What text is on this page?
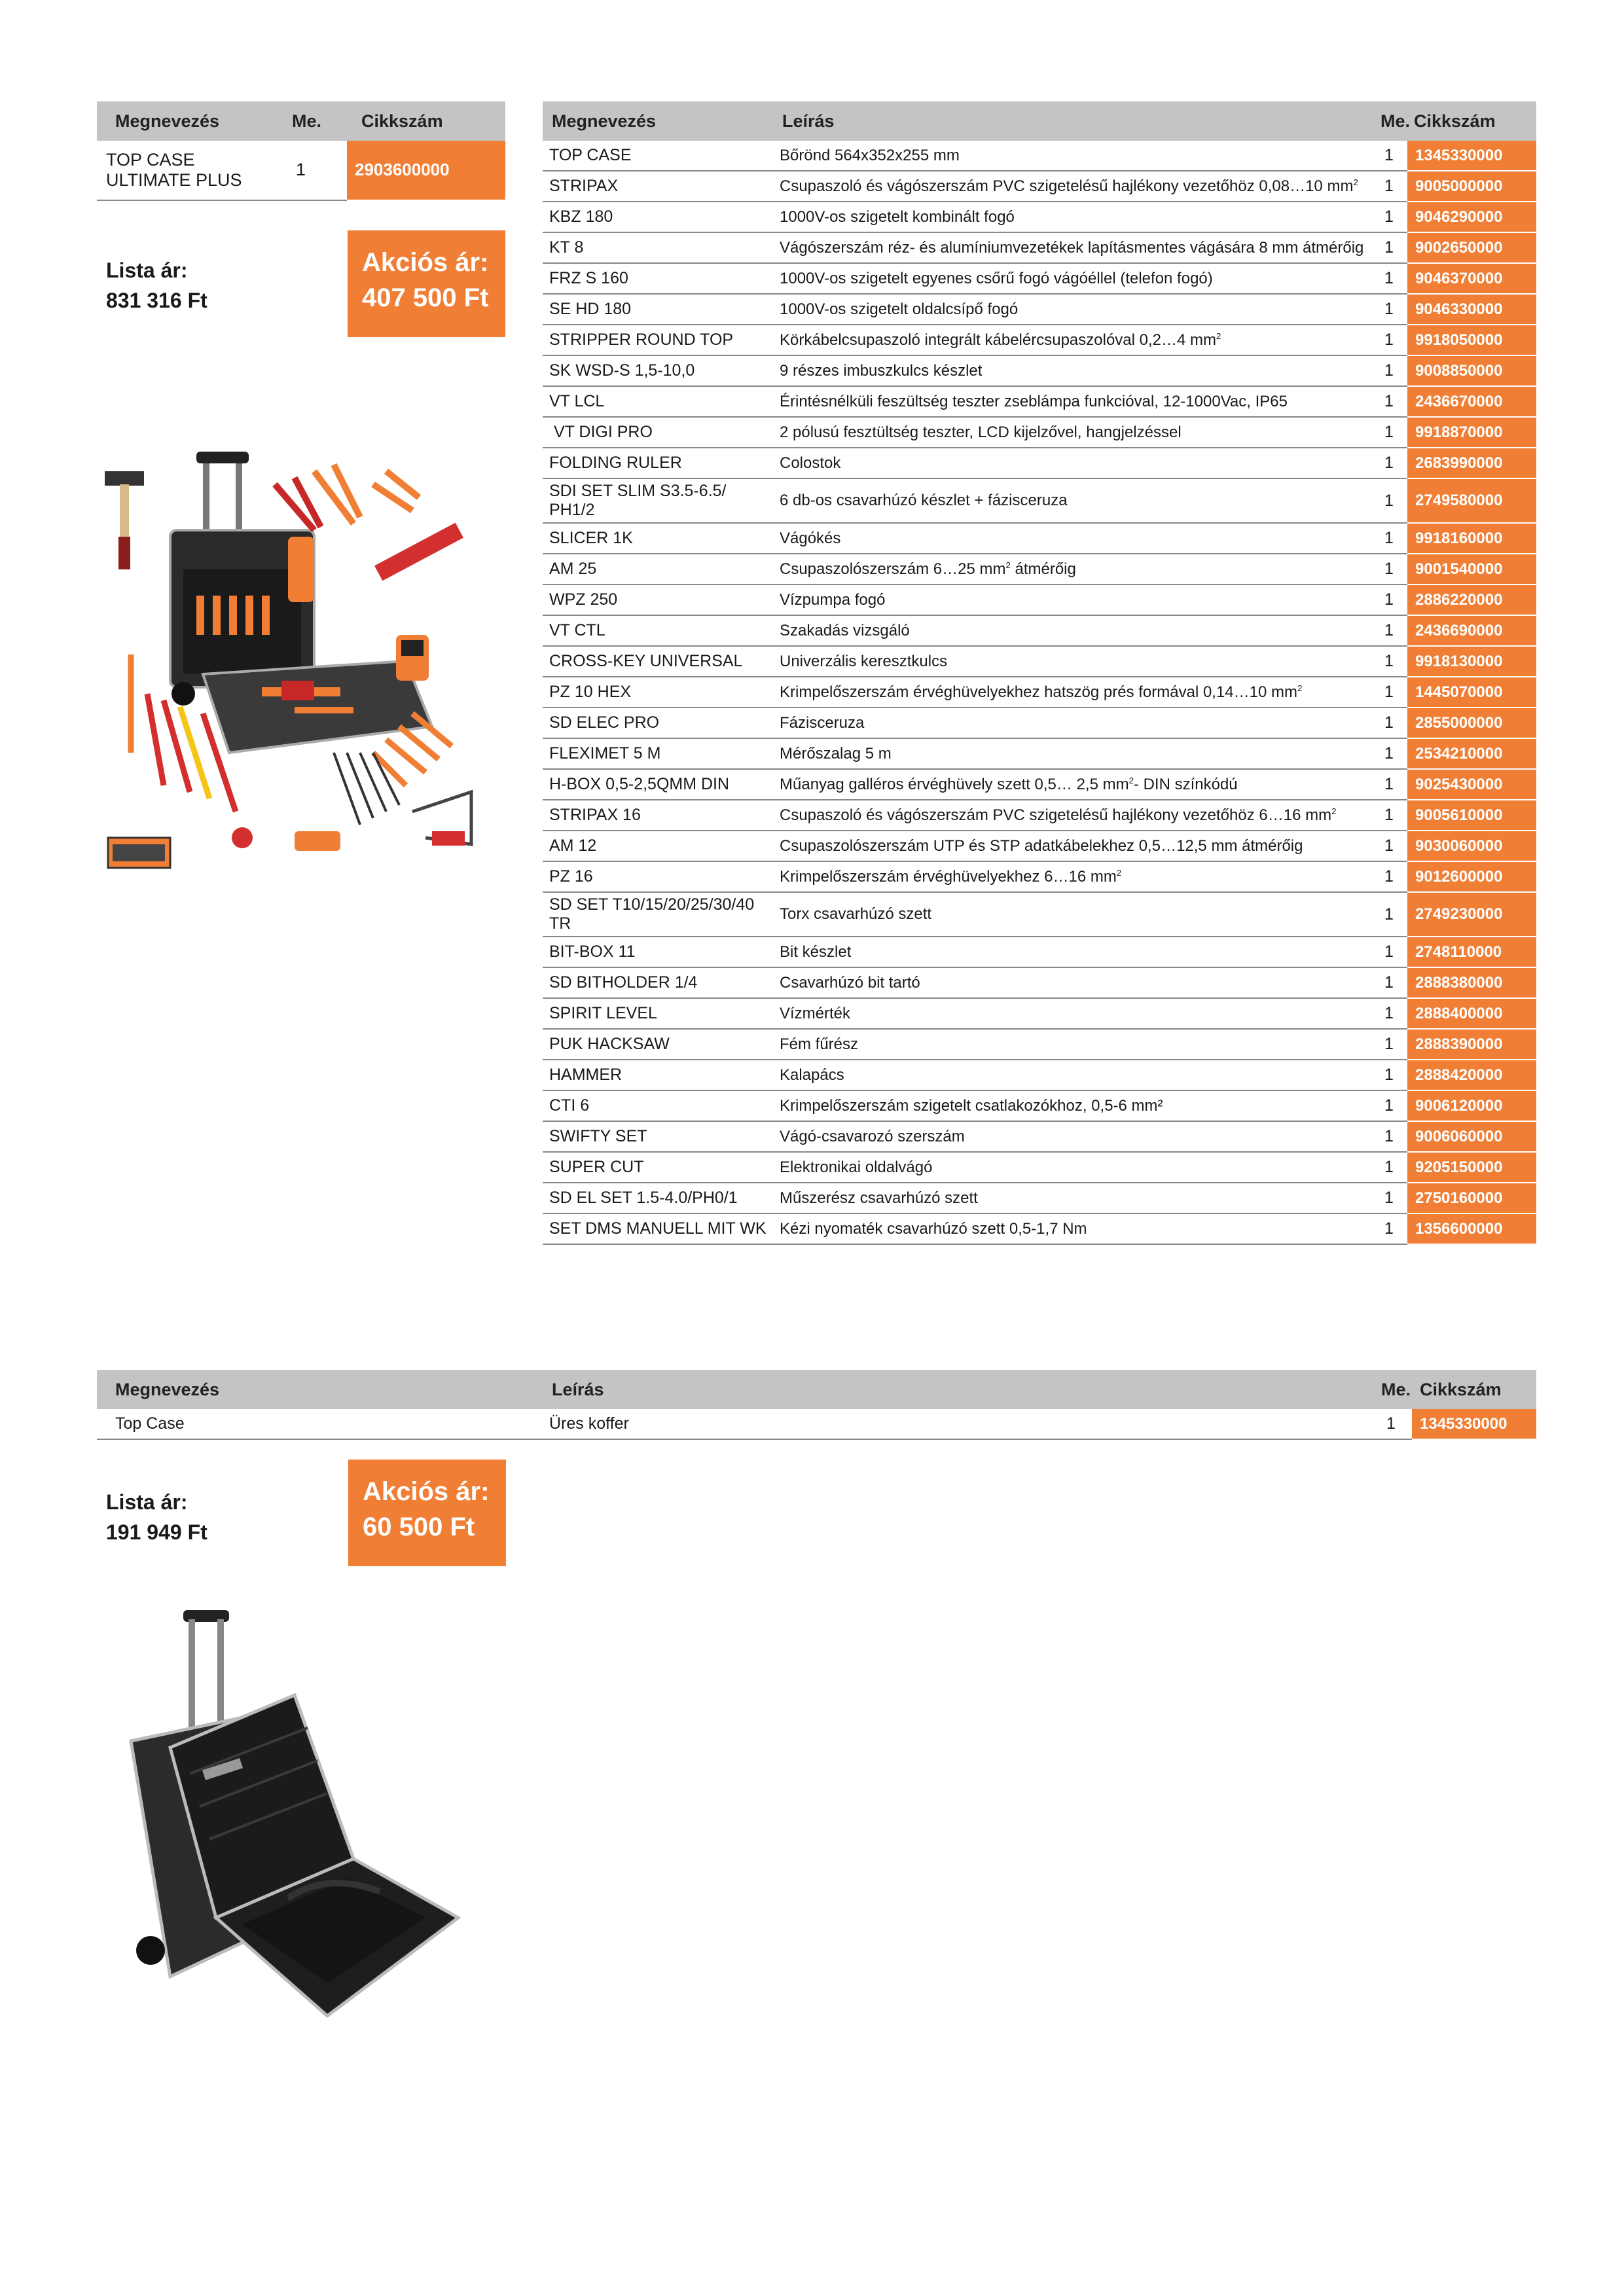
Megnevezés	Me.	Cikkszám
TOP CASE ULTIMATE PLUS	1	2903600000
Lista ár:
831 316 Ft
Akciós ár:
407 500 Ft
Megnevezés	Leírás	Me.	Cikkszám
TOP CASE	Bőrönd 564x352x255 mm	1	1345330000
STRIPAX	Csupaszoló és vágószerszám PVC szigetelésű hajlékony vezetőhöz 0,08…10 $mm^2$	1	9005000000
KBZ 180	1000V-os szigetelt kombinált fogó	1	9046290000
KT 8	Vágószerszám réz- és alumíniumvezetékek lapításmentes vágására 8 mm átmérőig	1	9002650000
FRZ S 160	1000V-os szigetelt egyenes csőrű fogó vágóéllel (telefon fogó)	1	9046370000
SE HD 180	1000V-os szigetelt oldalcsípő fogó	1	9046330000
STRIPPER ROUND TOP	Körkábelcsupaszoló integrált kábelércsupaszolóval 0,2…4 $mm^2$	1	9918050000
SK WSD-S 1,5-10,0	9 részes imbuszkulcs készlet	1	9008850000
VT LCL	Érintésnélküli feszültség teszter zseblámpa funkcióval, 12-1000Vac, IP65	1	2436670000
VT DIGI PRO	2 pólusú fesztültség teszter, LCD kijelzővel, hangjelzéssel	1	9918870000
FOLDING RULER	Colostok	1	2683990000
SDI SET SLIM S3.5-6.5/ PH1/2	6 db-os csavarhúzó készlet + fázisceruza	1	2749580000
SLICER 1K	Vágókés	1	9918160000
AM 25	Csupaszolószerszám 6…25 $mm^2$ átmérőig	1	9001540000
WPZ 250	Vízpumpa fogó	1	2886220000
VT CTL	Szakadás vizsgáló	1	2436690000
CROSS-KEY UNIVERSAL	Univerzális keresztkulcs	1	9918130000
PZ 10 HEX	Krimpelőszerszám érvéghüvelyekhez hatszög prés formával 0,14…10 $mm^2$	1	1445070000
SD ELEC PRO	Fázisceruza	1	2855000000
FLEXIMET 5 M	Mérőszalag 5 m	1	2534210000
H-BOX 0,5-2,5QMM DIN	Műanyag galléros érvéghüvely szett 0,5… 2,5 $mm^2-$ DIN színkódú	1	9025430000
STRIPAX 16	Csupaszoló és vágószerszám PVC szigetelésű hajlékony vezetőhöz 6…16 $mm^2$	1	9005610000
AM 12	Csupaszolószerszám UTP és STP adatkábelekhez 0,5…12,5 mm átmérőig	1	9030060000
PZ 16	Krimpelőszerszám érvéghüvelyekhez 6…16 $mm^2$	1	9012600000
SD SET T10/15/20/25/30/40 TR	Torx csavarhúzó szett	1	2749230000
BIT-BOX 11	Bit készlet	1	2748110000
SD BITHOLDER 1/4	Csavarhúzó bit tartó	1	2888380000
SPIRIT LEVEL	Vízmérték	1	2888400000
PUK HACKSAW	Fém fűrész	1	2888390000
HAMMER	Kalapács	1	2888420000
CTI 6	Krimpelőszerszám szigetelt csatlakozókhoz, 0,5-6 mm²	1	9006120000
SWIFTY SET	Vágó-csavarozó szerszám	1	9006060000
SUPER CUT	Elektronikai oldalvágó	1	9205150000
SD EL SET 1.5-4.0/PH0/1	Műszerész csavarhúzó szett	1	2750160000
SET DMS MANUELL MIT WK	Kézi nyomaték csavarhúzó szett 0,5-1,7 Nm	1	1356600000
Megnevezés	Leírás	Me.	Cikkszám
Top Case	Üres koffer	1	1345330000
Lista ár:
191 949 Ft
Akciós ár:
60 500 Ft
